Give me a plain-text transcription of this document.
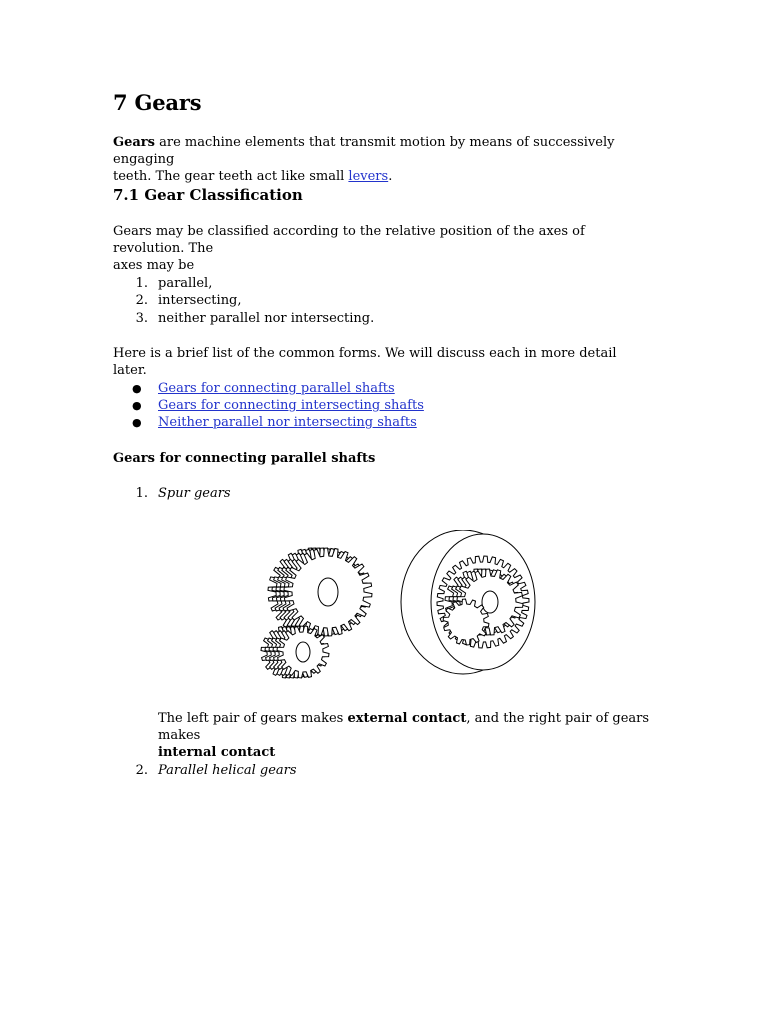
7 Gears

Gears are machine elements that transmit motion by means of successively engaging
teeth. The gear teeth act like small levers.

7.1 Gear Classification

Gears may be classified according to the relative position of the axes of revolution. The
axes may be

1. parallel,
2. intersecting,
3. neither parallel nor intersecting.

Here is a brief list of the common forms. We will discuss each in more detail later.

● Gears for connecting parallel shafts
● Gears for connecting intersecting shafts
● Neither parallel nor intersecting shafts

Gears for connecting parallel shafts

1. Spur gears

The left pair of gears makes external contact, and the right pair of gears makes
internal contact

2. Parallel helical gears
